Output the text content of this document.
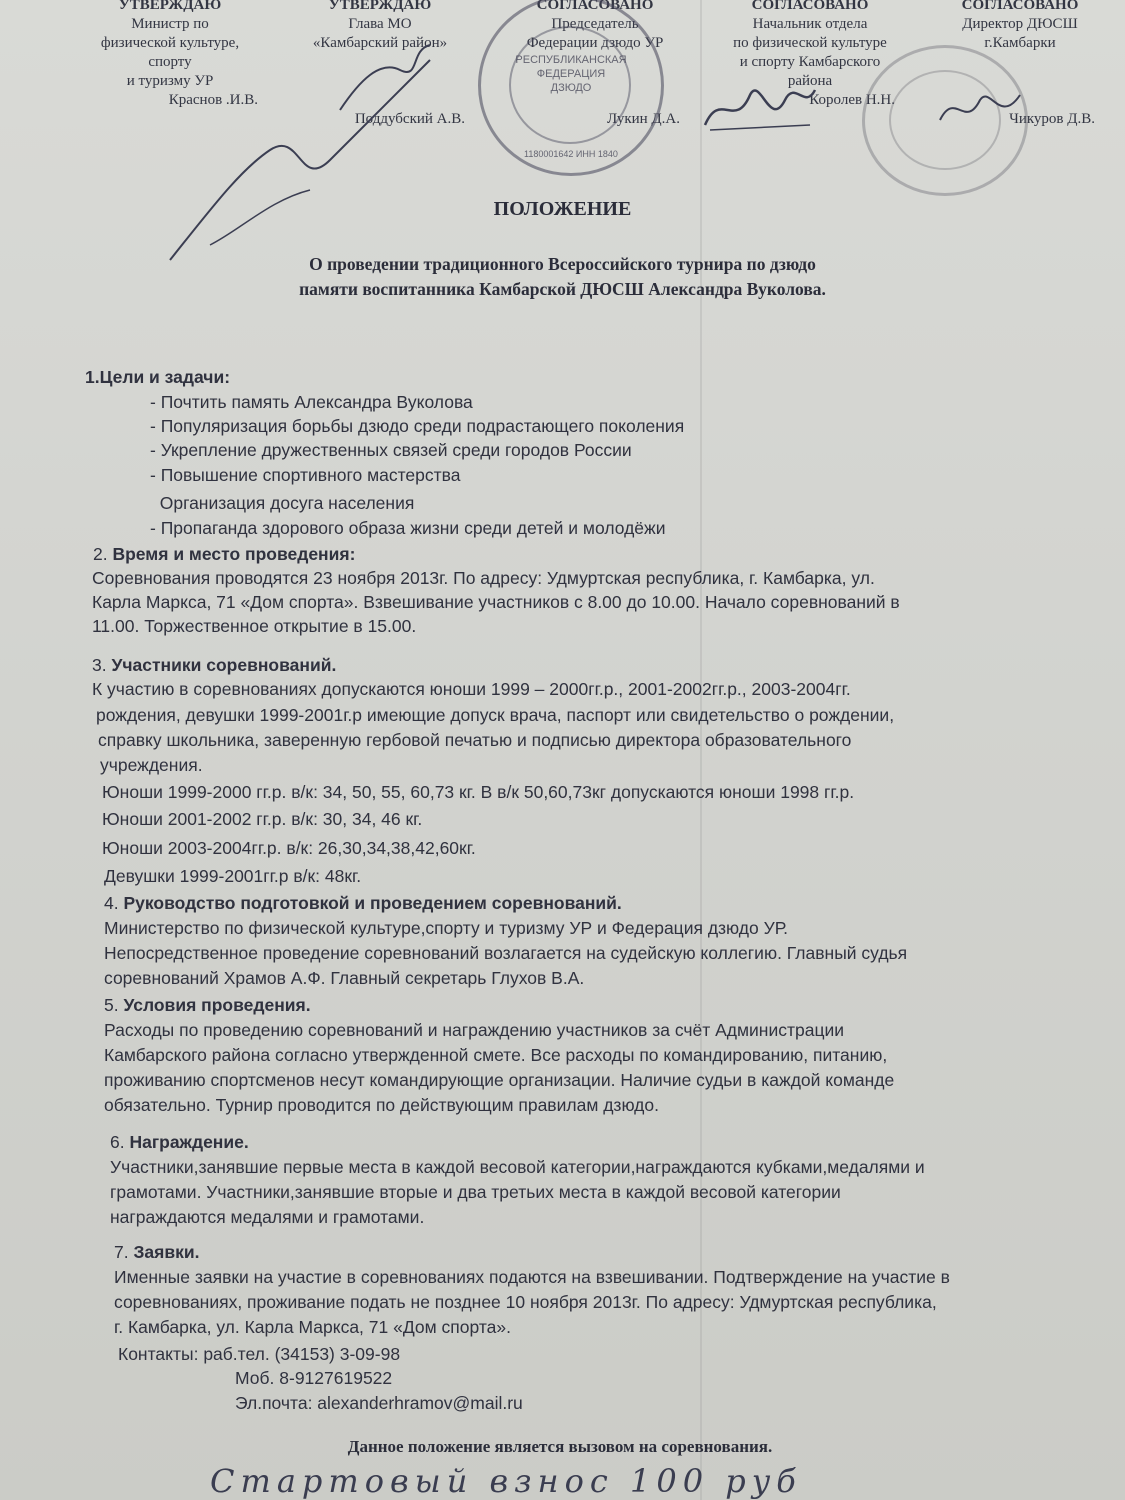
УТВЕРЖДАЮ
Министр по
физической культуре,
спорту
и туризму УР
Краснов .И.В.
УТВЕРЖДАЮ
Глава МО
«Камбарский район»
Поддубский А.В.
СОГЛАСОВАНО
Председатель
Федерации дзюдо УР
Лукин Д.А.
СОГЛАСОВАНО
Начальник отдела
по физической культуре
и спорту Камбарского
района
Королев Н.Н.
СОГЛАСОВАНО
Директор ДЮСШ
г.Камбарки
Чикуров Д.В.
РЕСПУБЛИКАНСКАЯ
ФЕДЕРАЦИЯ
ДЗЮДО
1180001642 ИНН 1840
ПОЛОЖЕНИЕ
О проведении традиционного Всероссийского турнира по дзюдо
памяти воспитанника Камбарской ДЮСШ Александра Вуколова.
1.Цели и задачи:
- Почтить память Александра Вуколова
- Популяризация борьбы дзюдо среди подрастающего поколения
- Укрепление дружественных связей среди городов России
- Повышение спортивного мастерства
Организация досуга населения
- Пропаганда здорового образа жизни среди детей и молодёжи
2. Время и место проведения:
Соревнования проводятся 23 ноября 2013г. По адресу: Удмуртская республика, г. Камбарка, ул.
Карла Маркса, 71 «Дом спорта». Взвешивание участников с 8.00 до 10.00. Начало соревнований в
11.00. Торжественное открытие в 15.00.
3. Участники соревнований.
К участию в соревнованиях допускаются юноши 1999 – 2000гг.р., 2001-2002гг.р., 2003-2004гг.
рождения, девушки 1999-2001г.р имеющие допуск врача, паспорт или свидетельство о рождении,
справку школьника, заверенную гербовой печатью и подписью директора образовательного
учреждения.
Юноши 1999-2000 гг.р. в/к: 34, 50, 55, 60,73 кг. В в/к 50,60,73кг допускаются юноши 1998 гг.р.
Юноши 2001-2002 гг.р. в/к: 30, 34, 46 кг.
Юноши 2003-2004гг.р. в/к: 26,30,34,38,42,60кг.
Девушки 1999-2001гг.р в/к: 48кг.
4. Руководство подготовкой и проведением соревнований.
Министерство по физической культуре,спорту и туризму УР и Федерация дзюдо УР.
Непосредственное проведение соревнований возлагается на судейскую коллегию. Главный судья
соревнований Храмов А.Ф. Главный секретарь Глухов В.А.
5. Условия проведения.
Расходы по проведению соревнований и награждению участников за счёт Администрации
Камбарского района согласно утвержденной смете. Все расходы по командированию, питанию,
проживанию спортсменов несут командирующие организации. Наличие судьи в каждой команде
обязательно. Турнир проводится по действующим правилам дзюдо.
6. Награждение.
Участники,занявшие первые места в каждой весовой категории,награждаются кубками,медалями и
грамотами. Участники,занявшие вторые и два третьих места в каждой весовой категории
награждаются медалями и грамотами.
7. Заявки.
Именные заявки на участие в соревнованиях подаются на взвешивании. Подтверждение на участие в
соревнованиях, проживание подать не позднее 10 ноября 2013г. По адресу: Удмуртская республика,
г. Камбарка, ул. Карла Маркса, 71 «Дом спорта».
Контакты: раб.тел. (34153) 3-09-98
Моб. 8-9127619522
Эл.почта: alexanderhramov@mail.ru
Данное положение является вызовом на соревнования.
Стартовый взнос 100 руб
